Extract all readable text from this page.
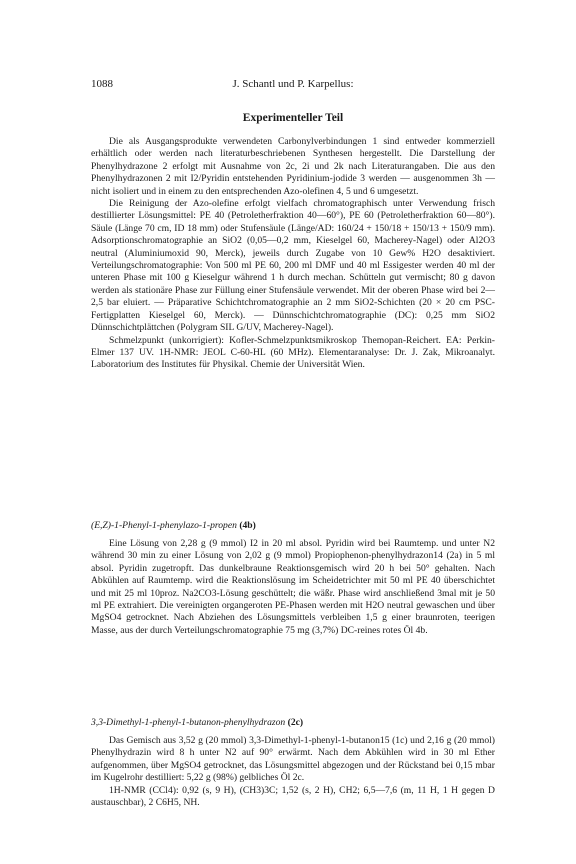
1088	J. Schantl und P. Karpellus:
Experimenteller Teil

Die als Ausgangsprodukte verwendeten Carbonylverbindungen 1 sind entweder kommerziell erhältlich oder werden nach literaturbeschriebenen Synthesen hergestellt. Die Darstellung der Phenylhydrazone 2 erfolgt mit Ausnahme von 2c, 2i und 2k nach Literaturangaben. Die aus den Phenylhydrazonen 2 mit I2/Pyridin entstehenden Pyridinium-jodide 3 werden — ausgenommen 3h — nicht isoliert und in einem zu den entsprechenden Azo-olefinen 4, 5 und 6 umgesetzt.

Die Reinigung der Azo-olefine erfolgt vielfach chromatographisch unter Verwendung frisch destillierter Lösungsmittel: PE 40 (Petroletherfraktion 40—60°), PE 60 (Petroletherfraktion 60—80°). Säule (Länge 70 cm, ID 18 mm) oder Stufensäule (Länge/AD: 160/24 + 150/18 + 150/13 + 150/9 mm). Adsorptionschromatographie an SiO2 (0,05—0,2 mm, Kieselgel 60, Macherey-Nagel) oder Al2O3 neutral (Aluminiumoxid 90, Merck), jeweils durch Zugabe von 10 Gew% H2O desaktiviert. Verteilungschromatographie: Von 500 ml PE 60, 200 ml DMF und 40 ml Essigester werden 40 ml der unteren Phase mit 100 g Kieselgur während 1 h durch mechan. Schütteln gut vermischt; 80 g davon werden als stationäre Phase zur Füllung einer Stufensäule verwendet. Mit der oberen Phase wird bei 2—2,5 bar eluiert. — Präparative Schichtchromatographie an 2 mm SiO2-Schichten (20 × 20 cm PSC-Fertigplatten Kieselgel 60, Merck). — Dünnschichtchromatographie (DC): 0,25 mm SiO2 Dünnschichtplättchen (Polygram SIL G/UV, Macherey-Nagel).

Schmelzpunkt (unkorrigiert): Kofler-Schmelzpunktsmikroskop Themopan-Reichert. EA: Perkin-Elmer 137 UV. 1H-NMR: JEOL C-60-HL (60 MHz). Elementaranalyse: Dr. J. Zak, Mikroanalyt. Laboratorium des Institutes für Physikal. Chemie der Universität Wien.

(E,Z)-1-Phenyl-1-phenylazo-1-propen (4b)

Eine Lösung von 2,28 g (9 mmol) I2 in 20 ml absol. Pyridin wird bei Raumtemp. und unter N2 während 30 min zu einer Lösung von 2,02 g (9 mmol) Propiophenon-phenylhydrazon14 (2a) in 5 ml absol. Pyridin zugetropft. Das dunkelbraune Reaktionsgemisch wird 20 h bei 50° gehalten. Nach Abkühlen auf Raumtemp. wird die Reaktionslösung im Scheidetrichter mit 50 ml PE 40 überschichtet und mit 25 ml 10proz. Na2CO3-Lösung geschüttelt; die wäßr. Phase wird anschließend 3mal mit je 50 ml PE extrahiert. Die vereinigten organgeroten PE-Phasen werden mit H2O neutral gewaschen und über MgSO4 getrocknet. Nach Abziehen des Lösungsmittels verbleiben 1,5 g einer braunroten, teerigen Masse, aus der durch Verteilungschromatographie 75 mg (3,7%) DC-reines rotes Öl 4b.

3,3-Dimethyl-1-phenyl-1-butanon-phenylhydrazon (2c)

Das Gemisch aus 3,52 g (20 mmol) 3,3-Dimethyl-1-phenyl-1-butanon15 (1c) und 2,16 g (20 mmol) Phenylhydrazin wird 8 h unter N2 auf 90° erwärmt. Nach dem Abkühlen wird in 30 ml Ether aufgenommen, über MgSO4 getrocknet, das Lösungsmittel abgezogen und der Rückstand bei 0,15 mbar im Kugelrohr destilliert: 5,22 g (98%) gelbliches Öl 2c.

1H-NMR (CCl4): 0,92 (s, 9 H), (CH3)3C; 1,52 (s, 2 H), CH2; 6,5—7,6 (m, 11 H, 1 H gegen D austauschbar), 2 C6H5, NH.
